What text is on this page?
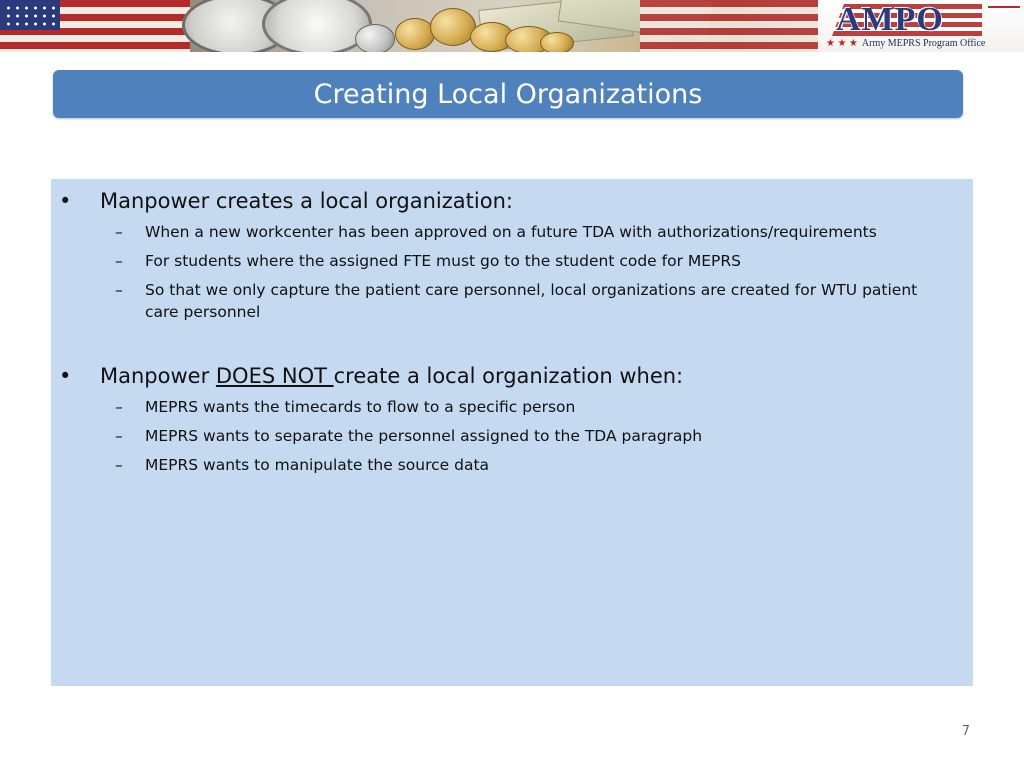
AMPO
★ ★ ★ Army MEPRS Program Office
Creating Local Organizations
•	Manpower creates a local organization:
– When a new workcenter has been approved on a future TDA with authorizations/requirements
– For students where the assigned FTE must go to the student code for MEPRS
– So that we only capture the patient care personnel, local organizations are created for WTU patient care personnel
•	Manpower DOES NOT create a local organization when:
– MEPRS wants the timecards to flow to a specific person
– MEPRS wants to separate the personnel assigned to the TDA paragraph
– MEPRS wants to manipulate the source data
7
